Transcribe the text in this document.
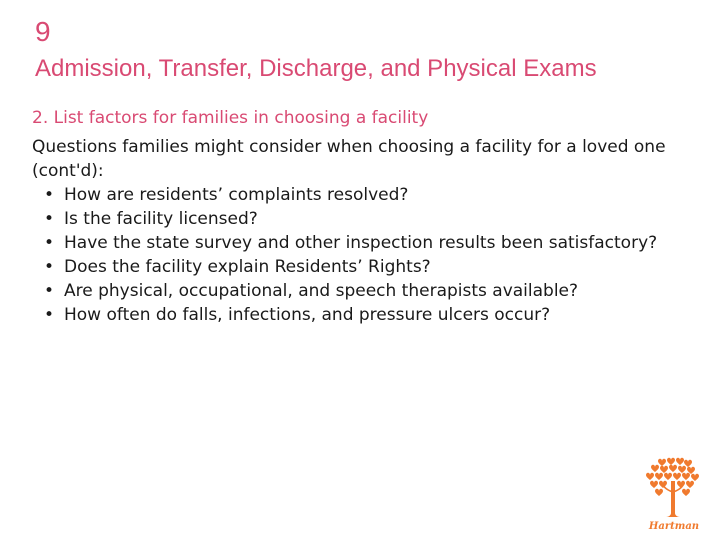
9
Admission, Transfer, Discharge, and Physical Exams

2. List factors for families in choosing a facility

Questions families might consider when choosing a facility for a loved one (cont'd):

• How are residents’ complaints resolved?
• Is the facility licensed?
• Have the state survey and other inspection results been satisfactory?
• Does the facility explain Residents’ Rights?
• Are physical, occupational, and speech therapists available?
• How often do falls, infections, and pressure ulcers occur?
Hartman
